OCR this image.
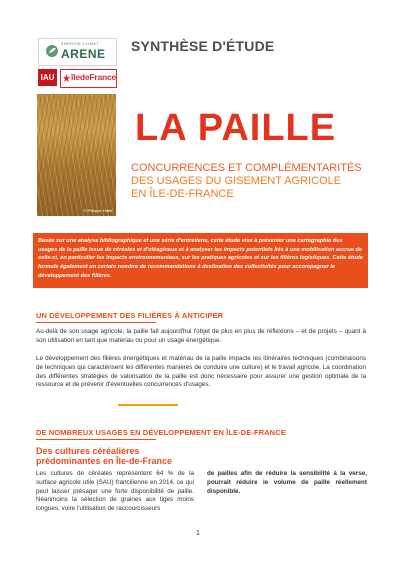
ÉNERGIE CLIMAT
ARENE
IAU	îledeFrance
SYNTHÈSE D'ÉTUDE
© Philippe Hallé
LA PAILLE
CONCURRENCES ET COMPLÉMENTARITÉS
DES USAGES DU GISEMENT AGRICOLE
EN ÎLE-DE-FRANCE
Basée sur une analyse bibliographique et une série d'entretiens, cette étude vise à présenter une cartographie des usages de la paille issue de céréales et d'oléagineux et à analyser les impacts potentiels liés à une mobilisation accrue de celle-ci, en particulier les impacts environnementaux, sur les pratiques agricoles et sur les filières logistiques. Cette étude formule également un certain nombre de recommandations à destination des collectivités pour accompagner le développement des filières.
UN DÉVELOPPEMENT DES FILIÈRES À ANTICIPER
Au-delà de son usage agricole, la paille fait aujourd'hui l'objet de plus en plus de réflexions – et de projets – quant à son utilisation en tant que matériau ou pour un usage énergétique.
Le développement des filières énergétiques et matériau de la paille impacte les itinéraires techniques (combinaisons de techniques qui caractérisent les différentes manières de conduire une culture) et le travail agricole. La coordination des différentes stratégies de valorisation de la paille est donc nécessaire pour assurer une gestion optimale de la ressource et de prévenir d'éventuelles concurrences d'usages.
DE NOMBREUX USAGES EN DÉVELOPPEMENT EN ÎLE-DE-FRANCE
Des cultures céréalières
prédominantes en Île-de-France
Les cultures de céréales représentent 64 % de la surface agricole utile (SAU) francilienne en 2014, ce qui peut laisser présager une forte disponibilité de paille. Néanmoins la sélection de graines aux tiges moins longues, voire l'utilisation de raccourcisseurs
de pailles afin de réduire la sensibilité à la verse, pourrait réduire le volume de paille réellement disponible.
1
